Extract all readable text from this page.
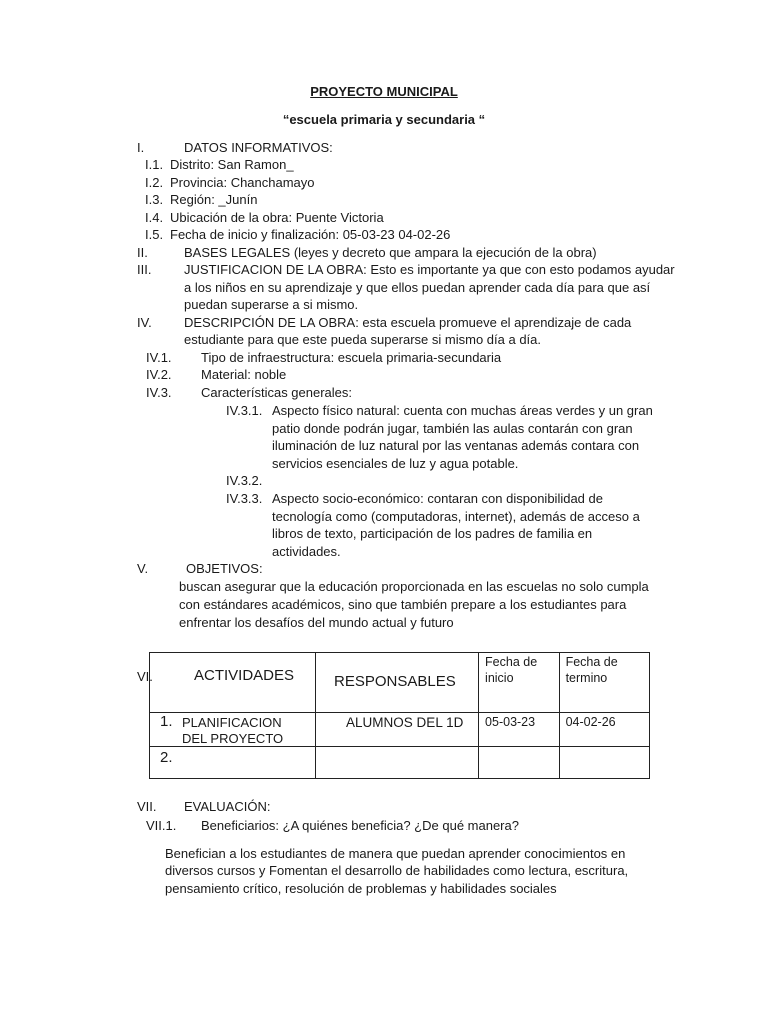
PROYECTO MUNICIPAL
“escuela primaria y secundaria “
I.	DATOS INFORMATIVOS:
I.1. Distrito: San Ramon_
I.2. Provincia: Chanchamayo
I.3. Región: _Junín
I.4. Ubicación de la obra: Puente Victoria
I.5. Fecha de inicio y finalización: 05-03-23 04-02-26
II.	BASES LEGALES (leyes y decreto que ampara la ejecución de la obra)
III.	JUSTIFICACION DE LA OBRA: Esto es importante ya que con esto podamos ayudar
a los niños en su aprendizaje y que ellos puedan aprender cada día para que así
puedan superarse a si mismo.
IV. DESCRIPCIÓN DE LA OBRA: esta escuela promueve el aprendizaje de cada
estudiante para que este pueda superarse si mismo día a día.
IV.1. Tipo de infraestructura: escuela primaria-secundaria
IV.2. Material: noble
IV.3. Características generales:
IV.3.1. Aspecto físico natural: cuenta con muchas áreas verdes y un gran
patio donde podrán jugar, también las aulas contarán con gran
iluminación de luz natural por las ventanas además contara con
servicios esenciales de luz y agua potable.
IV.3.2.
IV.3.3. Aspecto socio-económico: contaran con disponibilidad de
tecnología como (computadoras, internet), además de acceso a
libros de texto, participación de los padres de familia en
actividades.
V.	OBJETIVOS:
buscan asegurar que la educación proporcionada en las escuelas no solo cumpla
con estándares académicos, sino que también prepare a los estudiantes para
enfrentar los desafíos del mundo actual y futuro
VI.	ACTIVIDADES	RESPONSABLES	Fecha de inicio	Fecha de termino

1. PLANIFICACION DEL PROYECTO	ALUMNOS DEL 1D	05-03-23	04-02-26

2.			

VII. EVALUACIÓN:
VII.1. Beneficiarios: ¿A quiénes beneficia? ¿De qué manera?
Benefician a los estudiantes de manera que puedan aprender conocimientos en
diversos cursos y Fomentan el desarrollo de habilidades como lectura, escritura,
pensamiento crítico, resolución de problemas y habilidades sociales
